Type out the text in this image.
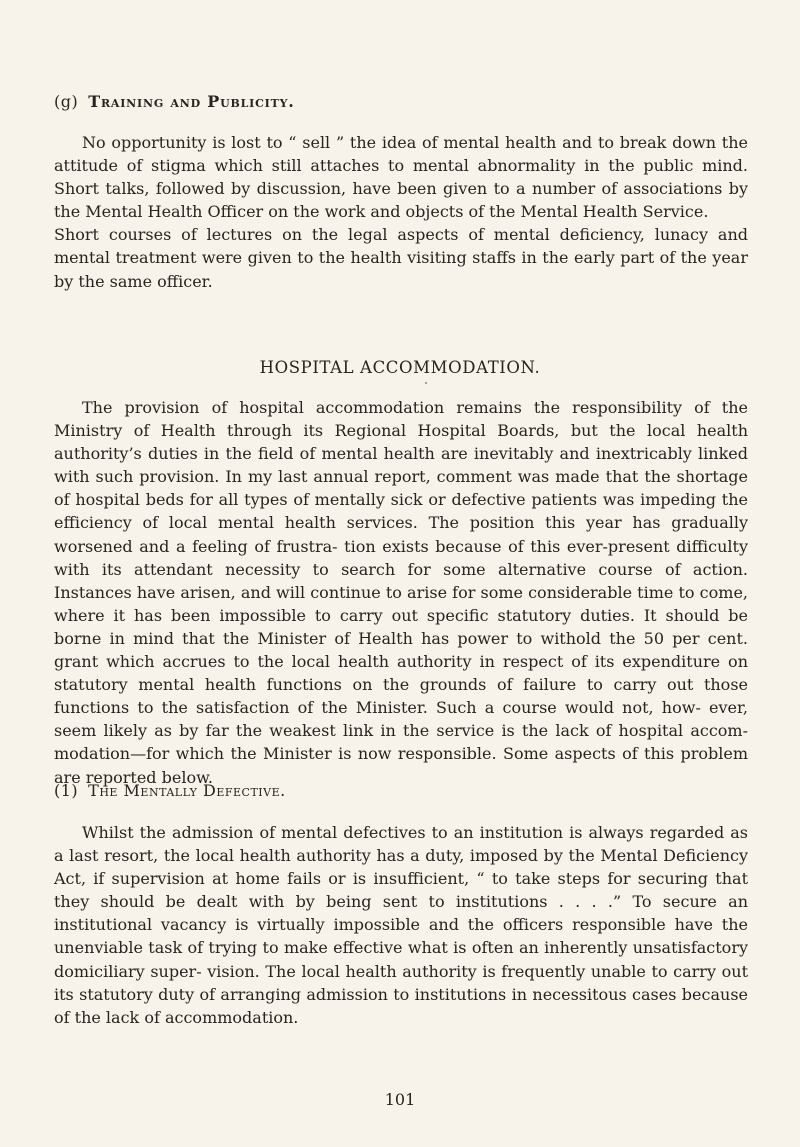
(g) Training and Publicity.

No opportunity is lost to “ sell ” the idea of mental health and to break down the attitude of stigma which still attaches to mental abnormality in the public mind. Short talks, followed by discussion, have been given to a number of associations by the Mental Health Officer on the work and objects of the Mental Health Service.

Short courses of lectures on the legal aspects of mental deficiency, lunacy and mental treatment were given to the health visiting staffs in the early part of the year by the same officer.

HOSPITAL ACCOMMODATION.

The provision of hospital accommodation remains the responsibility of the Ministry of Health through its Regional Hospital Boards, but the local health authority’s duties in the field of mental health are inevitably and inextricably linked with such provision. In my last annual report, comment was made that the shortage of hospital beds for all types of mentally sick or defective patients was impeding the efficiency of local mental health services. The position this year has gradually worsened and a feeling of frustra- tion exists because of this ever-present difficulty with its attendant necessity to search for some alternative course of action. Instances have arisen, and will continue to arise for some considerable time to come, where it has been impossible to carry out specific statutory duties. It should be borne in mind that the Minister of Health has power to withold the 50 per cent. grant which accrues to the local health authority in respect of its expenditure on statutory mental health functions on the grounds of failure to carry out those functions to the satisfaction of the Minister. Such a course would not, how- ever, seem likely as by far the weakest link in the service is the lack of hospital accom- modation—for which the Minister is now responsible. Some aspects of this problem are reported below.

(1) The Mentally Defective.

Whilst the admission of mental defectives to an institution is always regarded as a last resort, the local health authority has a duty, imposed by the Mental Deficiency Act, if supervision at home fails or is insufficient, “ to take steps for securing that they should be dealt with by being sent to institutions . . . .” To secure an institutional vacancy is virtually impossible and the officers responsible have the unenviable task of trying to make effective what is often an inherently unsatisfactory domiciliary super- vision. The local health authority is frequently unable to carry out its statutory duty of arranging admission to institutions in necessitous cases because of the lack of accommodation.

101
